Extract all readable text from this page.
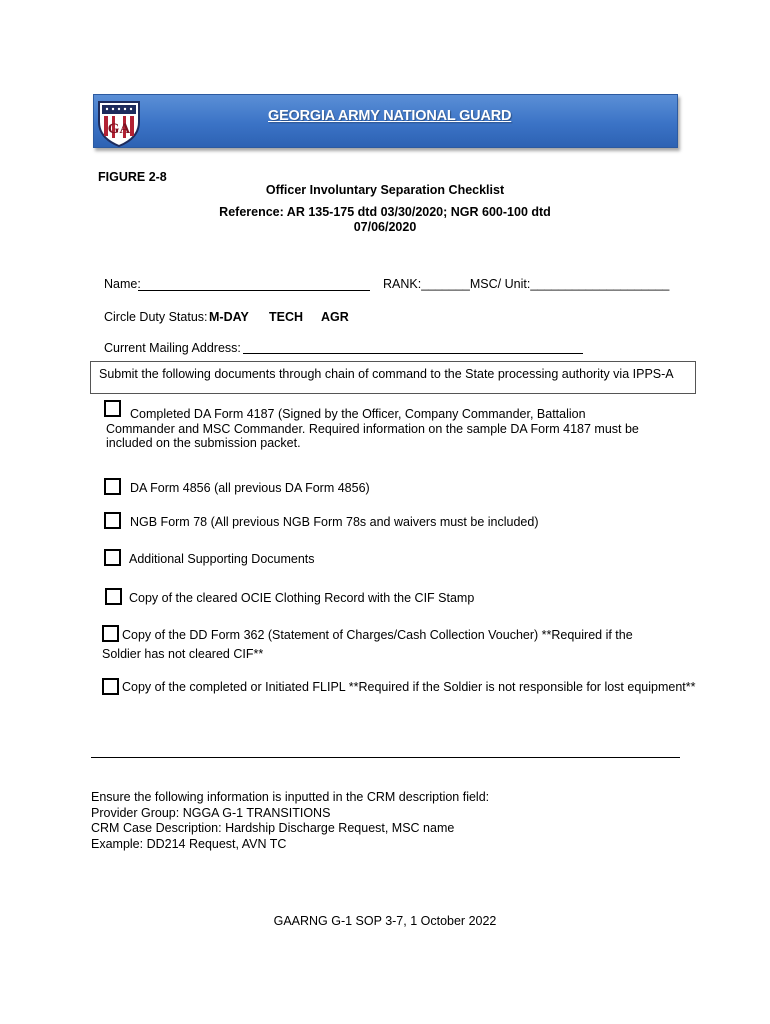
GA
GEORGIA ARMY NATIONAL GUARD
FIGURE 2-8
Officer Involuntary Separation Checklist
Reference: AR 135-175 dtd 03/30/2020; NGR 600-100 dtd
07/06/2020
Name:	RANK:_______MSC/ Unit:____________________
Circle Duty Status: M-DAY TECH AGR
Current Mailing Address:
Submit the following documents through chain of command to the State processing authority via IPPS-A
Completed DA Form 4187 (Signed by the Officer, Company Commander, Battalion
Commander and MSC Commander. Required information on the sample DA Form 4187 must be
included on the submission packet.
DA Form 4856 (all previous DA Form 4856)
NGB Form 78 (All previous NGB Form 78s and waivers must be included)
Additional Supporting Documents
Copy of the cleared OCIE Clothing Record with the CIF Stamp
Copy of the DD Form 362 (Statement of Charges/Cash Collection Voucher) **Required if the
Soldier has not cleared CIF**
Copy of the completed or Initiated FLIPL **Required if the Soldier is not responsible for lost equipment**
Ensure the following information is inputted in the CRM description field:
Provider Group: NGGA G-1 TRANSITIONS
CRM Case Description: Hardship Discharge Request, MSC name
Example: DD214 Request, AVN TC
GAARNG G-1 SOP 3-7, 1 October 2022
